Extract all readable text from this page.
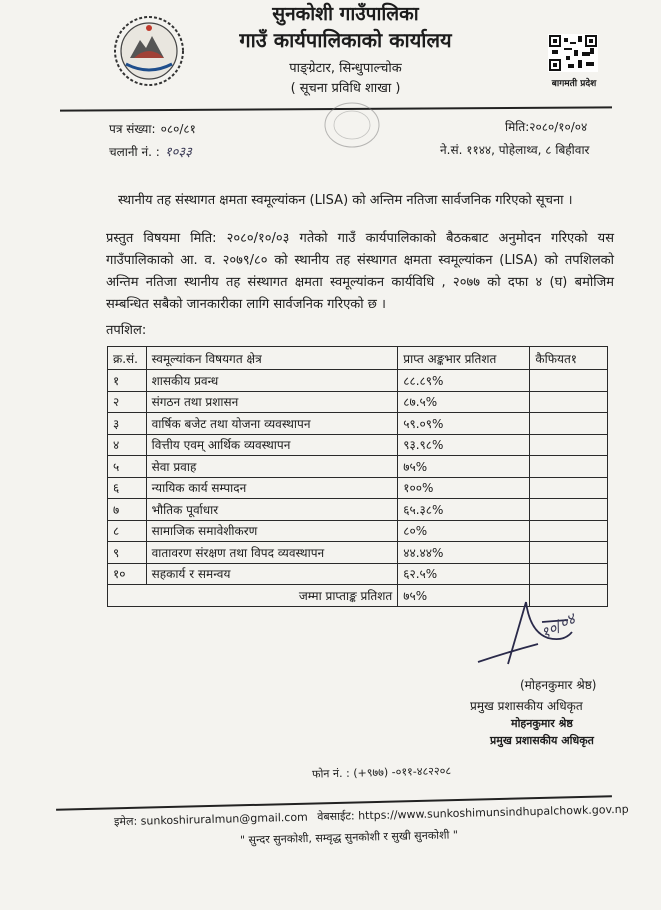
सुनकोशी गाउँपालिका
गाउँ कार्यपालिकाको कार्यालय
पाङ्ग्रेटार, सिन्धुपाल्चोक
( सूचना प्रविधि शाखा )	बागमती प्रदेश
पत्र संख्या: ०८०/८१
चलानी नं. : १०३३
मिति:२०८०/१०/०४
ने.सं. ११४४, पोहेलाथ्व, ८ बिहीवार
स्थानीय तह संस्थागत क्षमता स्वमूल्यांकन (LISA) को अन्तिम नतिजा सार्वजनिक गरिएको सूचना ।
प्रस्तुत विषयमा मिति: २०८०/१०/०३ गतेको गाउँ कार्यपालिकाको बैठकबाट अनुमोदन गरिएको यस गाउँपालिकाको आ. व. २०७९/८० को स्थानीय तह संस्थागत क्षमता स्वमूल्यांकन (LISA) को तपशिलको अन्तिम नतिजा स्थानीय तह संस्थागत क्षमता स्वमूल्यांकन कार्यविधि , २०७७ को दफा ४ (घ) बमोजिम सम्बन्धित सबैको जानकारीका लागि सार्वजनिक गरिएको छ ।
तपशिल:
क्र.सं.	स्वमूल्यांकन विषयगत क्षेत्र	प्राप्त अङ्कभार प्रतिशत	कैफियत१
१	शासकीय प्रवन्ध	८८.८९%	
२	संगठन तथा प्रशासन	८७.५%	
३	वार्षिक बजेट तथा योजना व्यवस्थापन	५९.०९%	
४	वित्तीय एवम् आर्थिक व्यवस्थापन	९३.९८%	
५	सेवा प्रवाह	७५%	
६	न्यायिक कार्य सम्पादन	१००%	
७	भौतिक पूर्वाधार	६५.३८%	
८	सामाजिक समावेशीकरण	८०%	
९	वातावरण संरक्षण तथा विपद व्यवस्थापन	४४.४४%	
१०	सहकार्य र समन्वय	६२.५%	
जम्मा प्राप्ताङ्क प्रतिशत		७५%	
१०/०४
(मोहनकुमार श्रेष्ठ)
प्रमुख प्रशासकीय अधिकृत
मोहनकुमार श्रेष्ठ
प्रमुख प्रशासकीय अधिकृत
फोन नं. : (+९७७) -०११-४८२२०८
इमेल: sunkoshiruralmun@gmail.com वेबसाईट: https://www.sunkoshimunsindhupalchowk.gov.np
" सुन्दर सुनकोशी, सम्वृद्ध सुनकोशी र सुखी सुनकोशी "
